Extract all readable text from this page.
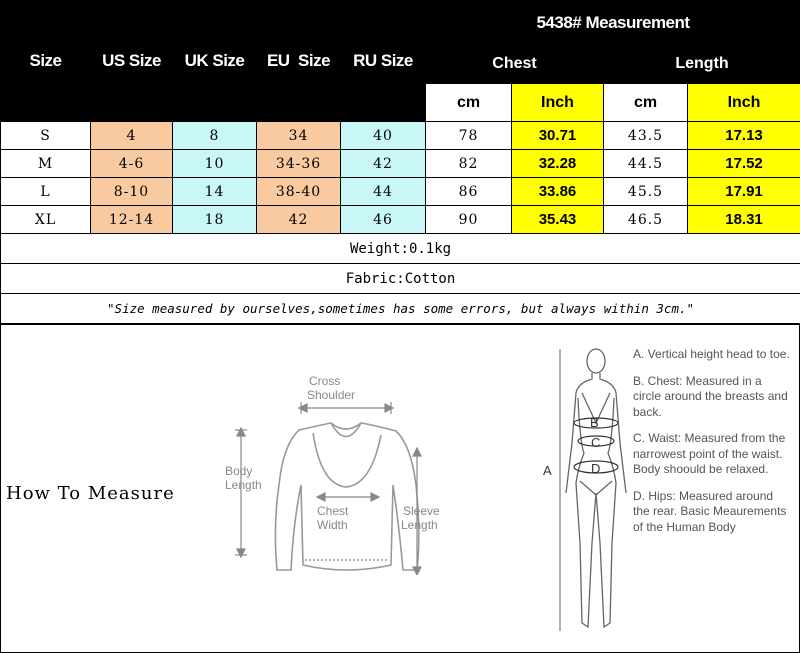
Size	US Size	UK Size	EU  Size	RU Size	5438# Measurement			
					Chest		Length	
					cm	Inch	cm	Inch
S	4	8	34	40	78	30.71	43.5	17.13
M	4-6	10	34-36	42	82	32.28	44.5	17.52
L	8-10	14	38-40	44	86	33.86	45.5	17.91
XL	12-14	18	42	46	90	35.43	46.5	18.31
Weight:0.1kg								
Fabric:Cotton								
"Size measured by ourselves,sometimes has some errors, but always within 3cm."								
How To Measure
Cross
Shoulder
Body
Length
Chest
Width
Sleeve
Length
A
B
C
D
A. Vertical height head to toe.
B. Chest: Measured in a circle around the breasts and back.
C. Waist: Measured from the narrowest point of the waist. Body shoould be relaxed.
D. Hips: Measured around the rear. Basic Meaurements of the Human Body
